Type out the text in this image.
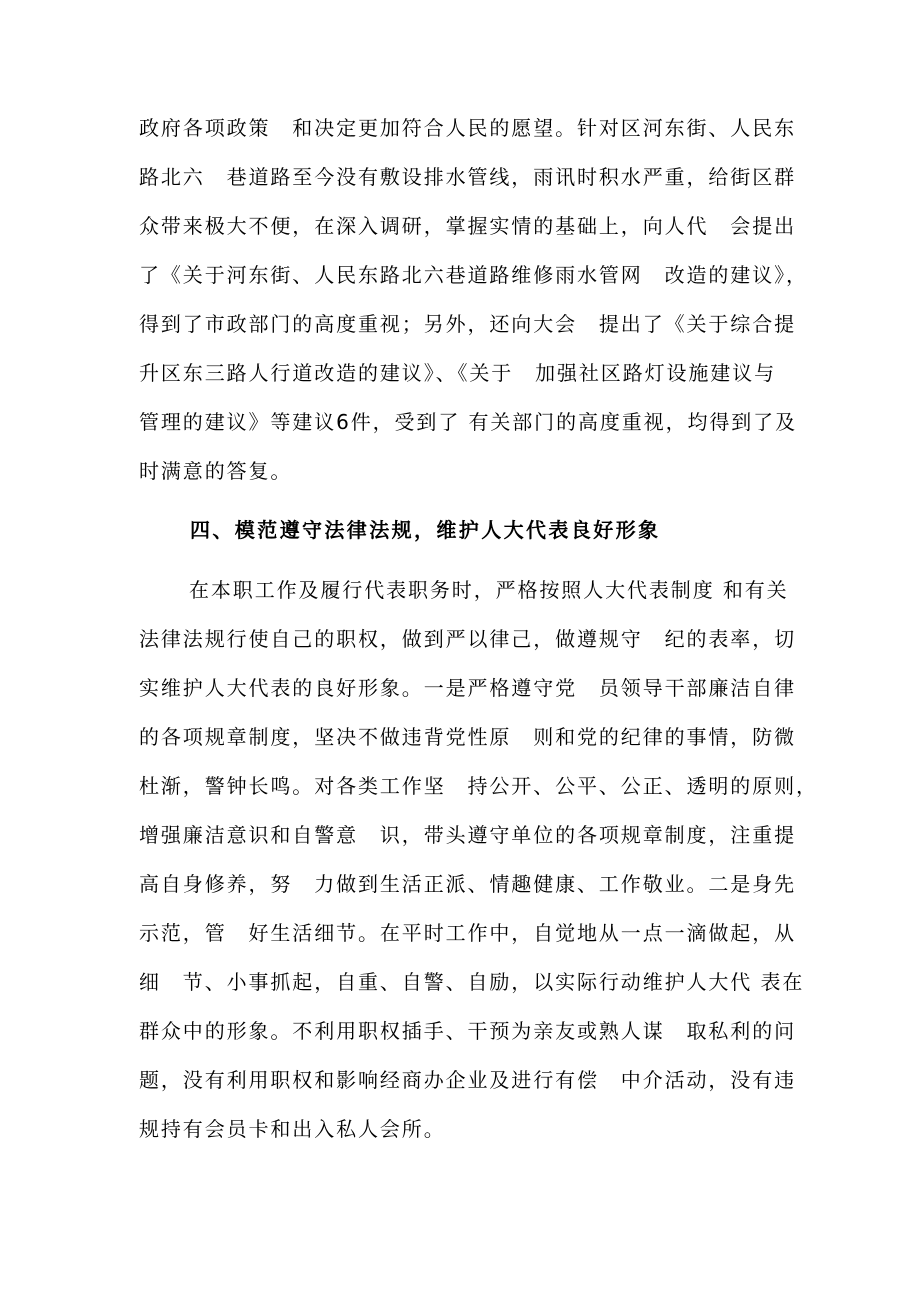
政府各项政策　和决定更加符合人民的愿望。针对区河东街、人民东
路北六　巷道路至今没有敷设排水管线，雨讯时积水严重，给街区群
众带来极大不便，在深入调研，掌握实情的基础上，向人代　会提出
了《关于河东街、人民东路北六巷道路维修雨水管网　改造的建议》，
得到了市政部门的高度重视；另外，还向大会　提出了《关于综合提
升区东三路人行道改造的建议》、《关于　加强社区路灯设施建议与
管理的建议》等建议6件，受到了 有关部门的高度重视，均得到了及
时满意的答复。
四、模范遵守法律法规，维护人大代表良好形象
在本职工作及履行代表职务时，严格按照人大代表制度 和有关
法律法规行使自己的职权，做到严以律己，做遵规守　纪的表率，切
实维护人大代表的良好形象。一是严格遵守党　员领导干部廉洁自律
的各项规章制度，坚决不做违背党性原　则和党的纪律的事情，防微
杜渐，警钟长鸣。对各类工作坚　持公开、公平、公正、透明的原则，
增强廉洁意识和自警意　识，带头遵守单位的各项规章制度，注重提
高自身修养，努　力做到生活正派、情趣健康、工作敬业。二是身先
示范，管　好生活细节。在平时工作中，自觉地从一点一滴做起，从
细　节、小事抓起，自重、自警、自励，以实际行动维护人大代 表在
群众中的形象。不利用职权插手、干预为亲友或熟人谋　取私利的问
题，没有利用职权和影响经商办企业及进行有偿　中介活动，没有违
规持有会员卡和出入私人会所。
